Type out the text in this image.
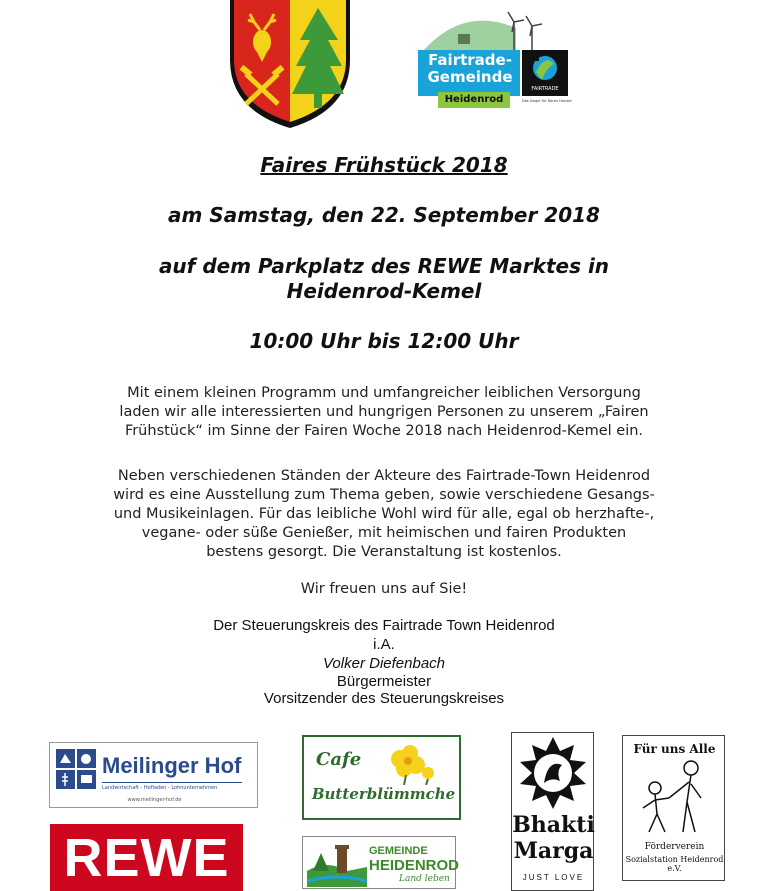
Fairtrade-
Gemeinde
Heidenrod
FAIRTRADE
Das Siegel für Fairen Handel
Faires Frühstück 2018
am Samstag, den 22. September 2018
auf dem Parkplatz des REWE Marktes in
Heidenrod-Kemel
10:00 Uhr bis 12:00 Uhr
Mit einem kleinen Programm und umfangreicher leiblichen Versorgung
laden wir alle interessierten und hungrigen Personen zu unserem „Fairen
Frühstück“ im Sinne der Fairen Woche 2018 nach Heidenrod-Kemel ein.
Neben verschiedenen Ständen der Akteure des Fairtrade-Town Heidenrod
wird es eine Ausstellung zum Thema geben, sowie verschiedene Gesangs-
und Musikeinlagen. Für das leibliche Wohl wird für alle, egal ob herzhafte-,
vegane- oder süße Genießer, mit heimischen und fairen Produkten
bestens gesorgt. Die Veranstaltung ist kostenlos.
Wir freuen uns auf Sie!
Der Steuerungskreis des Fairtrade Town Heidenrod
i.A.
Volker Diefenbach
Bürgermeister
Vorsitzender des Steuerungskreises
Meilinger Hof
Landwirtschaft - Hofladen - Lohnunternehmen
www.meilinger-hof.de
REWE
Cafe
Butterblümmche
GEMEINDE
HEIDENROD
Land leben
Bhakti
Marga
JUST LOVE
Für uns Alle
Förderverein
Sozialstation Heidenrod e.V.
